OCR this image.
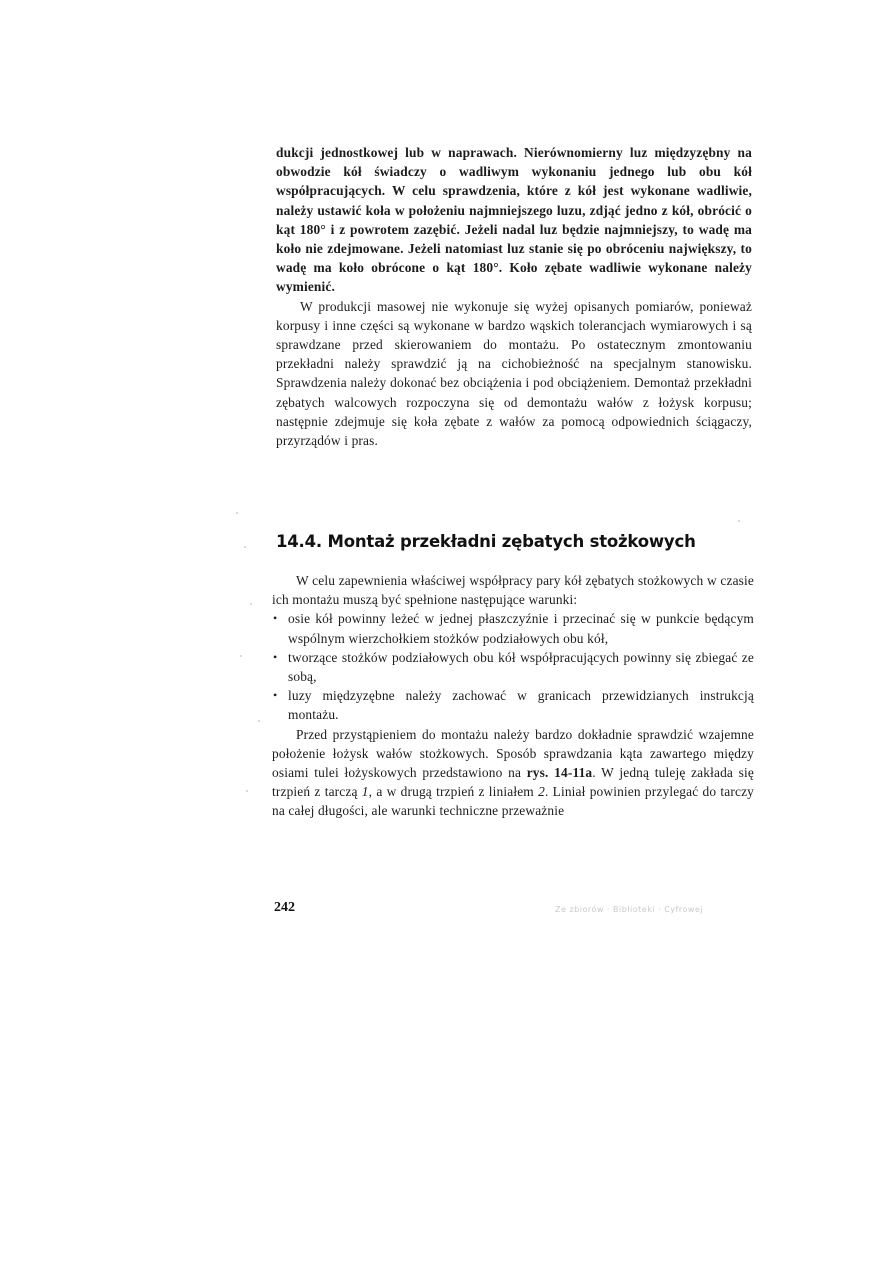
dukcji jednostkowej lub w naprawach. Nierównomierny luz międzyzębny na obwodzie kół świadczy o wadliwym wykonaniu jednego lub obu kół współpracujących. W celu sprawdzenia, które z kół jest wykonane wadliwie, należy ustawić koła w położeniu najmniejszego luzu, zdjąć jedno z kół, obrócić o kąt 180° i z powrotem zazębić. Jeżeli nadal luz będzie najmniejszy, to wadę ma koło nie zdejmowane. Jeżeli natomiast luz stanie się po obróceniu największy, to wadę ma koło obrócone o kąt 180°. Koło zębate wadliwie wykonane należy wymienić.

W produkcji masowej nie wykonuje się wyżej opisanych pomiarów, ponieważ korpusy i inne części są wykonane w bardzo wąskich tolerancjach wymiarowych i są sprawdzane przed skierowaniem do montażu. Po ostatecznym zmontowaniu przekładni należy sprawdzić ją na cichobieżność na specjalnym stanowisku. Sprawdzenia należy dokonać bez obciążenia i pod obciążeniem. Demontaż przekładni zębatych walcowych rozpoczyna się od demontażu wałów z łożysk korpusu; następnie zdejmuje się koła zębate z wałów za pomocą odpowiednich ściągaczy, przyrządów i pras.

14.4. Montaż przekładni zębatych stożkowych

W celu zapewnienia właściwej współpracy pary kół zębatych stożkowych w czasie ich montażu muszą być spełnione następujące warunki:

• osie kół powinny leżeć w jednej płaszczyźnie i przecinać się w punkcie będącym wspólnym wierzchołkiem stożków podziałowych obu kół,
• tworzące stożków podziałowych obu kół współpracujących powinny się zbiegać ze sobą,
• luzy międzyzębne należy zachować w granicach przewidzianych instrukcją montażu.

Przed przystąpieniem do montażu należy bardzo dokładnie sprawdzić wzajemne położenie łożysk wałów stożkowych. Sposób sprawdzania kąta zawartego między osiami tulei łożyskowych przedstawiono na rys. 14-11a. W jedną tuleję zakłada się trzpień z tarczą 1, a w drugą trzpień z liniałem 2. Liniał powinien przylegać do tarczy na całej długości, ale warunki techniczne przeważnie

242	Ze zbiorów · Biblioteki · Cyfrowej
